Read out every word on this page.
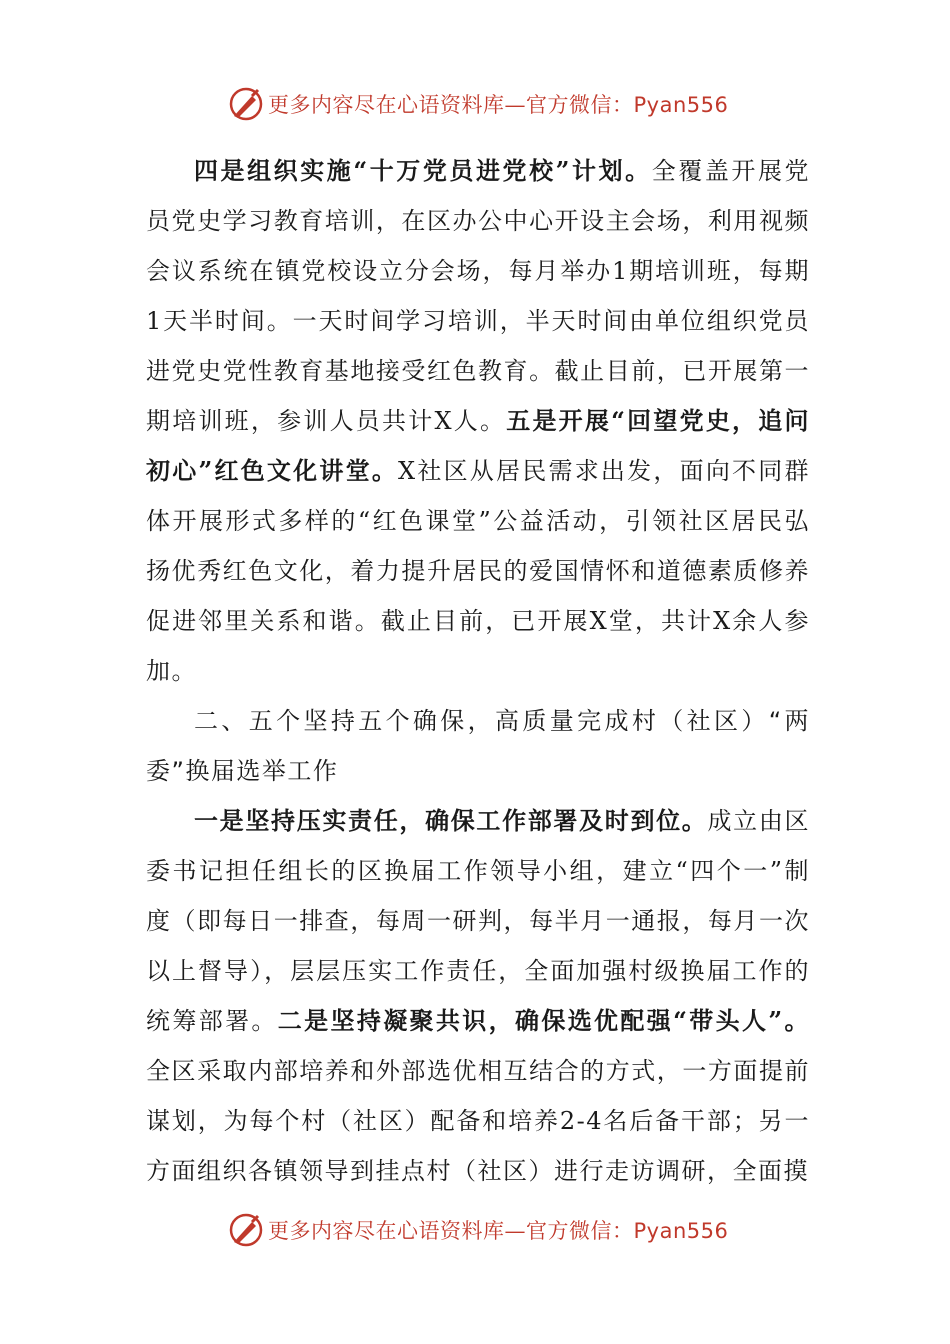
更多内容尽在心语资料库—官方微信：Pyan556

四是组织实施“十万党员进党校”计划。全覆盖开展党员党史学习教育培训，在区办公中心开设主会场，利用视频会议系统在镇党校设立分会场，每月举办1期培训班，每期1天半时间。一天时间学习培训，半天时间由单位组织党员进党史党性教育基地接受红色教育。截止目前，已开展第一期培训班，参训人员共计X人。五是开展“回望党史，追问初心”红色文化讲堂。X社区从居民需求出发，面向不同群体开展形式多样的“红色课堂”公益活动，引领社区居民弘扬优秀红色文化，着力提升居民的爱国情怀和道德素质修养促进邻里关系和谐。截止目前，已开展X堂，共计X余人参加。

二、五个坚持五个确保，高质量完成村（社区）“两委”换届选举工作

一是坚持压实责任，确保工作部署及时到位。成立由区委书记担任组长的区换届工作领导小组，建立“四个一”制度（即每日一排查，每周一研判，每半月一通报，每月一次以上督导），层层压实工作责任，全面加强村级换届工作的统筹部署。二是坚持凝聚共识，确保选优配强“带头人”。全区采取内部培养和外部选优相互结合的方式，一方面提前谋划，为每个村（社区）配备和培养2-4名后备干部；另一方面组织各镇领导到挂点村（社区）进行走访调研，全面摸

更多内容尽在心语资料库—官方微信：Pyan556
